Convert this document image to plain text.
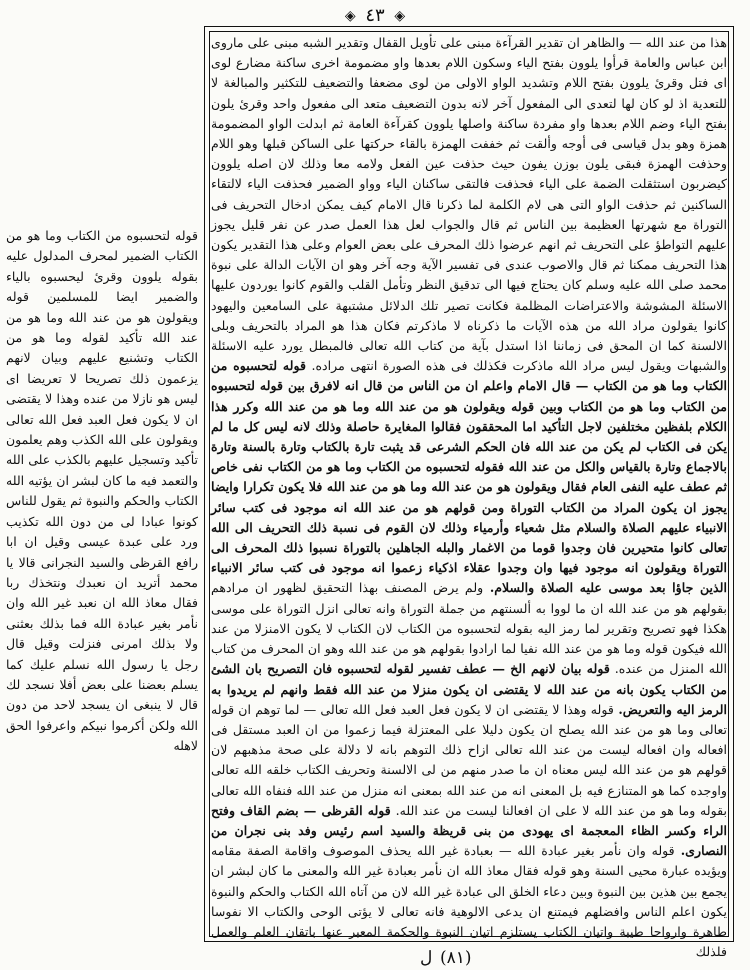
◈ ٤٣ ◈
هذا من عند الله — والظاهر ان تقدير القرآءة مبنى على تأويل القفال وتقدير الشبه مبنى على ماروى ابن عباس والعامة قرأوا يلوون بفتح الياء وسكون اللام بعدها واو مضمومة اخرى ساكنة مضارع لوى اى فتل وقرئ يلوون بفتح اللام وتشديد الواو الاولى من لوى مضعفا والتضعيف للتكثير والمبالغة لا للتعدية اذ لو كان لها لتعدى الى المفعول آخر لانه بدون التضعيف متعد الى مفعول واحد وقرئ يلون بفتح الياء وضم اللام بعدها واو مفردة ساكنة واصلها يلوون كقرآءة العامة ثم ابدلت الواو المضمومة همزة وهو بدل قياسى فى أوجه وألقت ثم خففت الهمزة بالقاء حركتها على الساكن قبلها وهو اللام وحذفت الهمزة فبقى يلون بوزن يفون حيث حذفت عين الفعل ولامه معا وذلك لان اصله يلوون كيضربون استثقلت الضمة على الياء فحذفت فالتقى ساكنان الياء وواو الضمير فحذفت الياء لالتقاء الساكنين ثم حذفت الواو التى هى لام الكلمة لما ذكرنا قال الامام كيف يمكن ادخال التحريف فى التوراة مع شهرتها العظيمة بين الناس ثم قال والجواب لعل هذا العمل صدر عن نفر قليل يجوز عليهم التواطؤ على التحريف ثم انهم عرضوا ذلك المحرف على بعض العوام وعلى هذا التقدير يكون هذا التحريف ممكنا ثم قال والاصوب عندى فى تفسير الآية وجه آخر وهو ان الآيات الدالة على نبوة محمد صلى الله عليه وسلم كان يحتاج فيها الى تدقيق النظر وتأمل القلب والقوم كانوا يوردون عليها الاسئلة المشوشة والاعتراضات المظلمة فكانت تصير تلك الدلائل مشتبهة على السامعين واليهود كانوا يقولون مراد الله من هذه الآيات ما ذكرناه لا ماذكرتم فكان هذا هو المراد بالتحريف وبلى الالسنة كما ان المحق فى زماننا اذا استدل بآية من كتاب الله تعالى فالمبطل يورد عليه الاسئلة والشبهات ويقول ليس مراد الله ماذكرت فكذلك فى هذه الصورة انتهى مراده. قوله لتحسبوه من الكتاب وما هو من الكتاب — قال الامام واعلم ان من الناس من قال انه لافرق بين قوله لتحسبوه من الكتاب وما هو من الكتاب وبين قوله ويقولون هو من عند الله وما هو من عند الله وكرر هذا الكلام بلفظين مختلفين لاجل التأكيد اما المحققون فقالوا المغايرة حاصلة وذلك لانه ليس كل ما لم يكن فى الكتاب لم يكن من عند الله فان الحكم الشرعى قد يثبت تارة بالكتاب وتارة بالسنة وتارة بالاجماع وتارة بالقياس والكل من عند الله فقوله لتحسبوه من الكتاب وما هو من الكتاب نفى خاص ثم عطف عليه النفى العام فقال ويقولون هو من عند الله وما هو من عند الله فلا يكون تكرارا وايضا يجوز ان يكون المراد من الكتاب التوراة ومن قولهم هو من عند الله انه موجود فى كتب سائر الانبياء عليهم الصلاة والسلام مثل شعياء وأرمياء وذلك لان القوم فى نسبة ذلك التحريف الى الله تعالى كانوا متحيرين فان وجدوا قوما من الاغمار والبله الجاهلين بالتوراة نسبوا ذلك المحرف الى التوراة ويقولون انه موجود فيها وان وجدوا عقلاء اذكياء زعموا انه موجود فى كتب سائر الانبياء الذين جاؤا بعد موسى عليه الصلاة والسلام. ولم يرض المصنف بهذا التحقيق لظهور ان مرادهم بقولهم هو من عند الله ان ما لووا به ألسنتهم من جملة التوراة وانه تعالى انزل التوراة على موسى هكذا فهو تصريح وتقرير لما رمز اليه بقوله لتحسبوه من الكتاب لان الكتاب لا يكون الامنزلا من عند الله فيكون قوله وما هو من عند الله نفيا لما ارادوا بقولهم هو من عند الله وهو ان المحرف من كتاب الله المنزل من عنده. قوله بيان لانهم الخ — عطف تفسير لقوله لتحسبوه فان التصريح بان الشئ من الكتاب يكون بانه من عند الله لا يقتضى ان يكون منزلا من عند الله فقط وانهم لم يريدوا به الرمز اليه والتعريض. قوله وهذا لا يقتضى ان لا يكون فعل العبد فعل الله تعالى — لما توهم ان قوله تعالى وما هو من عند الله يصلح ان يكون دليلا على المعتزلة فيما زعموا من ان العبد مستقل فى افعاله وان افعاله ليست من عند الله تعالى ازاح ذلك التوهم بانه لا دلالة على صحة مذهبهم لان قولهم هو من عند الله ليس معناه ان ما صدر منهم من لى الالسنة وتحريف الكتاب خلقه الله تعالى واوجده كما هو المتنازع فيه بل المعنى انه من عند الله بمعنى انه منزل من عند الله فنفاه الله تعالى بقوله وما هو من عند الله لا على ان افعالنا ليست من عند الله. قوله القرظى — بضم القاف وفتح الراء وكسر الظاء المعجمة اى يهودى من بنى قريظة والسيد اسم رئيس وفد بنى نجران من النصارى. قوله وان نأمر بغير عبادة الله — بعبادة غير الله يحذف الموصوف واقامة الصفة مقامه ويؤيده عبارة محيى السنة وهو قوله فقال معاذ الله ان نأمر بعبادة غير الله والمعنى ما كان لبشر ان يجمع بين هذين بين النبوة وبين دعاء الخلق الى عبادة غير الله لان من آتاه الله الكتاب والحكم والنبوة يكون اعلم الناس وافضلهم فيمتنع ان يدعى الالوهية فانه تعالى لا يؤتى الوحى والكتاب الا نفوسا طاهرة وارواحا طيبة واتيان الكتاب يستلزم اتيان النبوة والحكمة المعبر عنها باتقان العلم والعمل فلذلك
قوله لتحسبوه من الكتاب وما هو من الكتاب الضمير لمحرف المدلول عليه بقوله يلوون وقرئ ليحسبوه بالياء والضمير ايضا للمسلمين قوله ويقولون هو من عند الله وما هو من عند الله تأكيد لقوله وما هو من الكتاب وتشنيع عليهم وبيان لانهم يزعمون ذلك تصريحا لا تعريضا اى ليس هو نازلا من عنده وهذا لا يقتضى ان لا يكون فعل العبد فعل الله تعالى ويقولون على الله الكذب وهم يعلمون تأكيد وتسجيل عليهم بالكذب على الله والتعمد فيه ما كان لبشر ان يؤتيه الله الكتاب والحكم والنبوة ثم يقول للناس كونوا عبادا لى من دون الله تكذيب ورد على عبدة عيسى وقيل ان ابا رافع القرظى والسيد النجرانى قالا يا محمد أتريد ان نعبدك ونتخذك ربا فقال معاذ الله ان نعبد غير الله وان نأمر بغير عبادة الله فما بذلك بعثنى ولا بذلك امرنى فنزلت وقيل قال رجل يا رسول الله نسلم عليك كما يسلم بعضنا على بعض أفلا نسجد لك قال لا ينبغى ان يسجد لاحد من دون الله ولكن أكرموا نبيكم واعرفوا الحق لاهله
ل (٨١)
